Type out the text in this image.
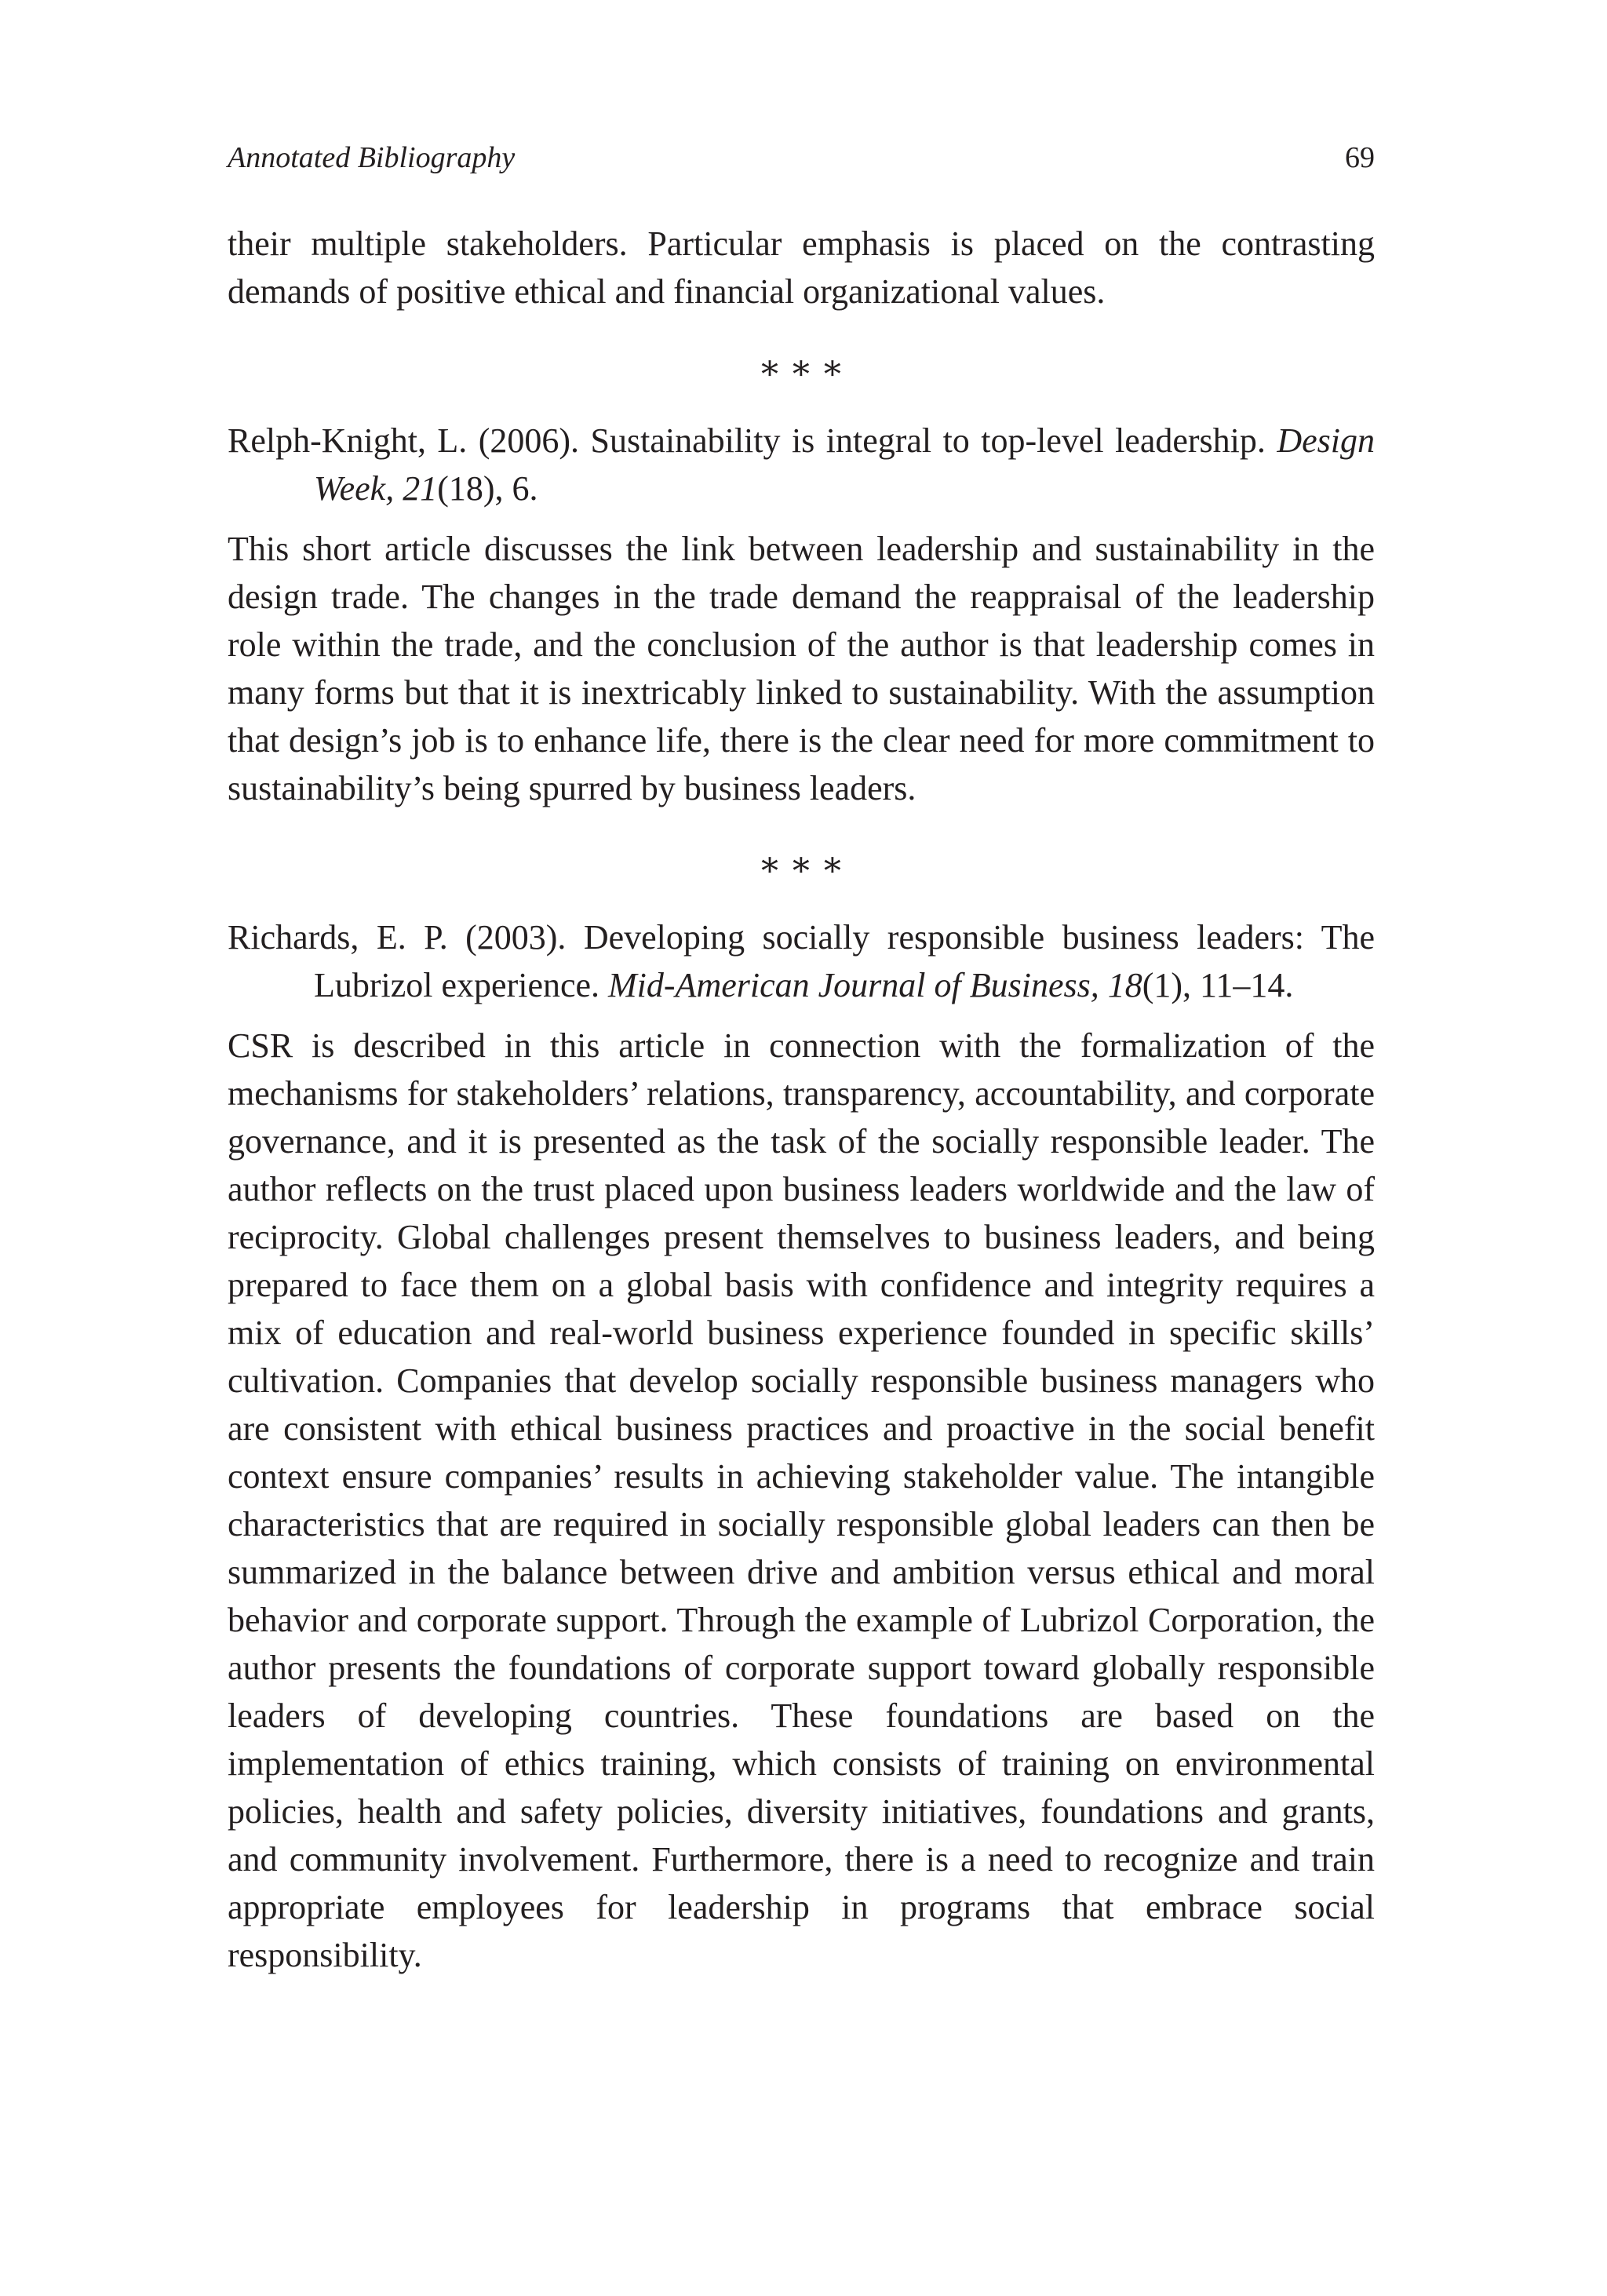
Annotated Bibliography	69

their multiple stakeholders. Particular emphasis is placed on the contrasting demands of positive ethical and financial organizational values.

∗∗∗

Relph-Knight, L. (2006). Sustainability is integral to top-level leadership. Design Week, 21(18), 6.

This short article discusses the link between leadership and sustainability in the design trade. The changes in the trade demand the reappraisal of the leadership role within the trade, and the conclusion of the author is that leadership comes in many forms but that it is inextricably linked to sustainability. With the assumption that design’s job is to enhance life, there is the clear need for more commitment to sustainability’s being spurred by business leaders.

∗∗∗

Richards, E. P. (2003). Developing socially responsible business leaders: The Lubrizol experience. Mid-American Journal of Business, 18(1), 11–14.

CSR is described in this article in connection with the formalization of the mechanisms for stakeholders’ relations, transparency, accountability, and corporate governance, and it is presented as the task of the socially responsible leader. The author reflects on the trust placed upon business leaders worldwide and the law of reciprocity. Global challenges present themselves to business leaders, and being prepared to face them on a global basis with confidence and integrity requires a mix of education and real-world business experience founded in specific skills’ cultivation. Companies that develop socially responsible business managers who are consistent with ethical business practices and proactive in the social benefit context ensure companies’ results in achieving stakeholder value. The intangible characteristics that are required in socially responsible global leaders can then be summarized in the balance between drive and ambition versus ethical and moral behavior and corporate support. Through the example of Lubrizol Corporation, the author presents the foundations of corporate support toward globally responsible leaders of developing countries. These foundations are based on the implementation of ethics training, which consists of training on environmental policies, health and safety policies, diversity initiatives, foundations and grants, and community involvement. Furthermore, there is a need to recognize and train appropriate employees for leadership in programs that embrace social responsibility.
